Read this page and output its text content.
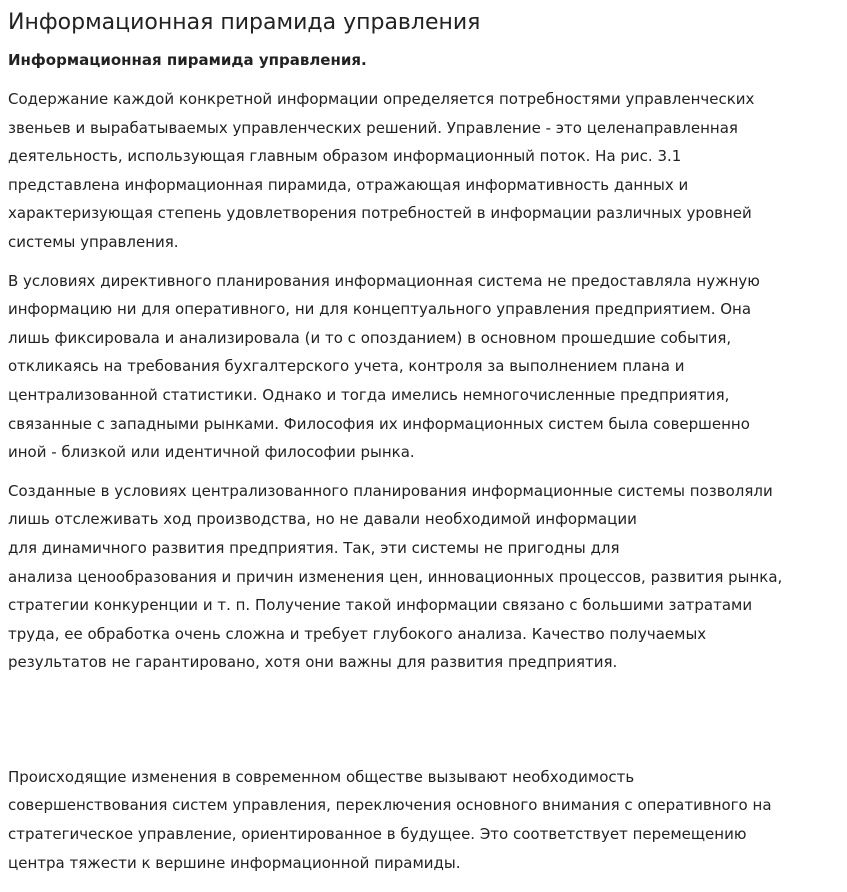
Информационная пирамида управления

Информационная пирамида управления.

Содержание каждой конкретной информации определяется потребностями управленческих
звеньев и вырабатываемых управленческих решений. Управление - это целенаправленная
деятельность, использующая главным образом информационный поток. На рис. 3.1
представлена информационная пирамида, отражающая информативность данных и
характеризующая степень удовлетворения потребностей в информации различных уровней
системы управления.

В условиях директивного планирования информационная система не предоставляла нужную
информацию ни для оперативного, ни для концептуального управления предприятием. Она
лишь фиксировала и анализировала (и то с опозданием) в основном прошедшие события,
откликаясь на требования бухгалтерского учета, контроля за выполнением плана и
централизованной статистики. Однако и тогда имелись немногочисленные предприятия,
связанные с западными рынками. Философия их информационных систем была совершенно
иной - близкой или идентичной философии рынка.

Созданные в условиях централизованного планирования информационные системы позволяли
лишь отслеживать ход производства, но не давали необходимой информации
для динамичного развития предприятия. Так, эти системы не пригодны для
анализа ценообразования и причин изменения цен, инновационных процессов, развития рынка,
стратегии конкуренции и т. п. Получение такой информации связано с большими затратами
труда, ее обработка очень сложна и требует глубокого анализа. Качество получаемых
результатов не гарантировано, хотя они важны для развития предприятия.

Происходящие изменения в современном обществе вызывают необходимость
совершенствования систем управления, переключения основного внимания с оперативного на
стратегическое управление, ориентированное в будущее. Это соответствует перемещению
центра тяжести к вершине информационной пирамиды.
